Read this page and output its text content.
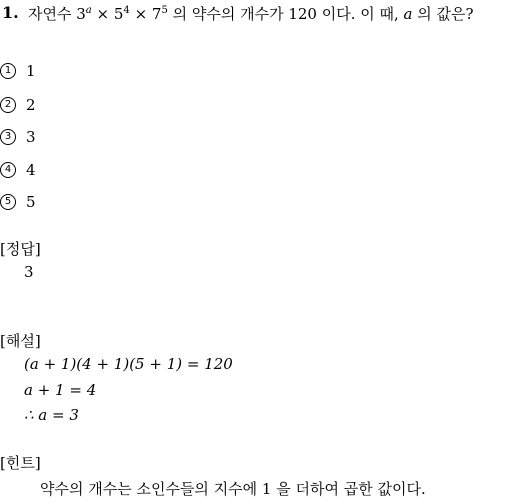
1. 자연수 $3^a \times 5^4 \times 7^5$ 의 약수의 개수가 120 이다. 이 때, a 의 값은?
1 1
2 2
3 3
4 4
5 5
[정답]
3
[해설]
(a + 1)(4 + 1)(5 + 1) = 120
a + 1 = 4
∴ a = 3
[힌트]
약수의 개수는 소인수들의 지수에 1 을 더하여 곱한 값이다.
